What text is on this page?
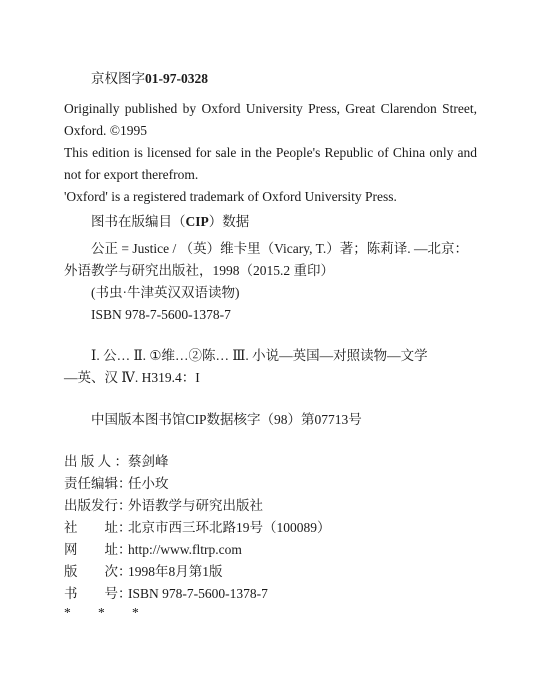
京权图字01-97-0328
Originally published by Oxford University Press, Great Clarendon Street,
Oxford. ©1995
This edition is licensed for sale in the People's Republic of China only and
not for export therefrom.
'Oxford' is a registered trademark of Oxford University Press.
图书在版编目（CIP）数据
公正 = Justice / （英）维卡里（Vicary, T.）著；陈莉译. —北京：
外语教学与研究出版社，1998（2015.2 重印）
(书虫·牛津英汉双语读物)
ISBN 978-7-5600-1378-7
Ⅰ. 公… Ⅱ. ①维…②陈… Ⅲ. 小说—英国—对照读物—文学
—英、汉 Ⅳ. H319.4：I
中国版本图书馆CIP数据核字（98）第07713号
出版人：蔡剑峰
责任编辑：任小玫
出版发行：外语教学与研究出版社
社　　址：北京市西三环北路19号（100089）
网　　址：http://www.fltrp.com
版　　次：1998年8月第1版
书　　号：ISBN 978-7-5600-1378-7
* * *
